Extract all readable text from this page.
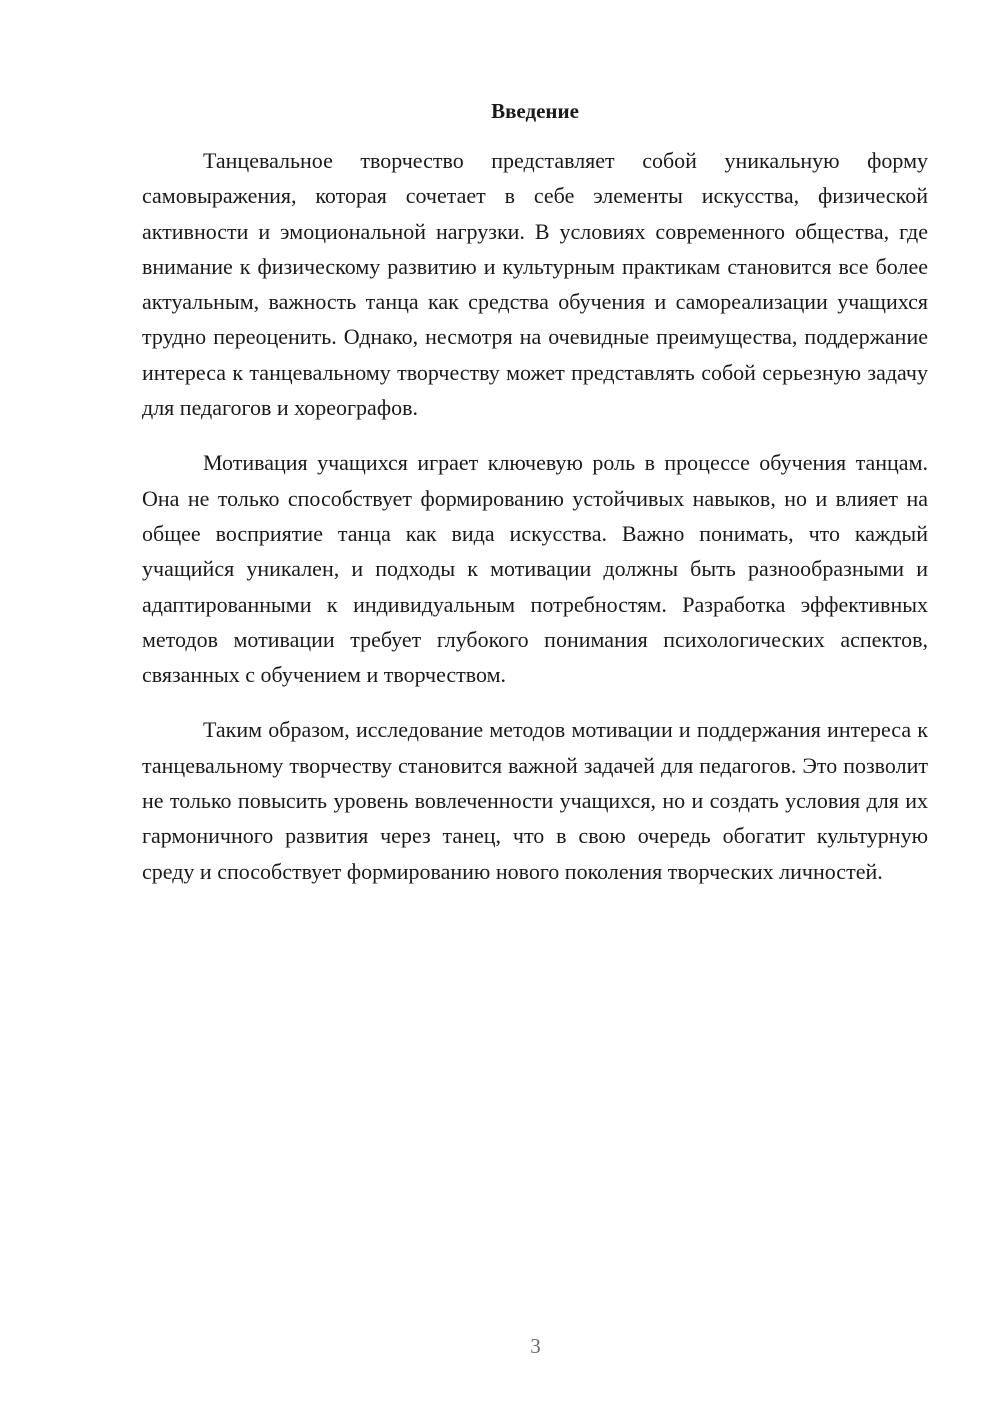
Введение

Танцевальное творчество представляет собой уникальную форму самовыражения, которая сочетает в себе элементы искусства, физической активности и эмоциональной нагрузки. В условиях современного общества, где внимание к физическому развитию и культурным практикам становится все более актуальным, важность танца как средства обучения и самореализации учащихся трудно переоценить. Однако, несмотря на очевидные преимущества, поддержание интереса к танцевальному творчеству может представлять собой серьезную задачу для педагогов и хореографов.

Мотивация учащихся играет ключевую роль в процессе обучения танцам. Она не только способствует формированию устойчивых навыков, но и влияет на общее восприятие танца как вида искусства. Важно понимать, что каждый учащийся уникален, и подходы к мотивации должны быть разнообразными и адаптированными к индивидуальным потребностям. Разработка эффективных методов мотивации требует глубокого понимания психологических аспектов, связанных с обучением и творчеством.

Таким образом, исследование методов мотивации и поддержания интереса к танцевальному творчеству становится важной задачей для педагогов. Это позволит не только повысить уровень вовлеченности учащихся, но и создать условия для их гармоничного развития через танец, что в свою очередь обогатит культурную среду и способствует формированию нового поколения творческих личностей.

3
